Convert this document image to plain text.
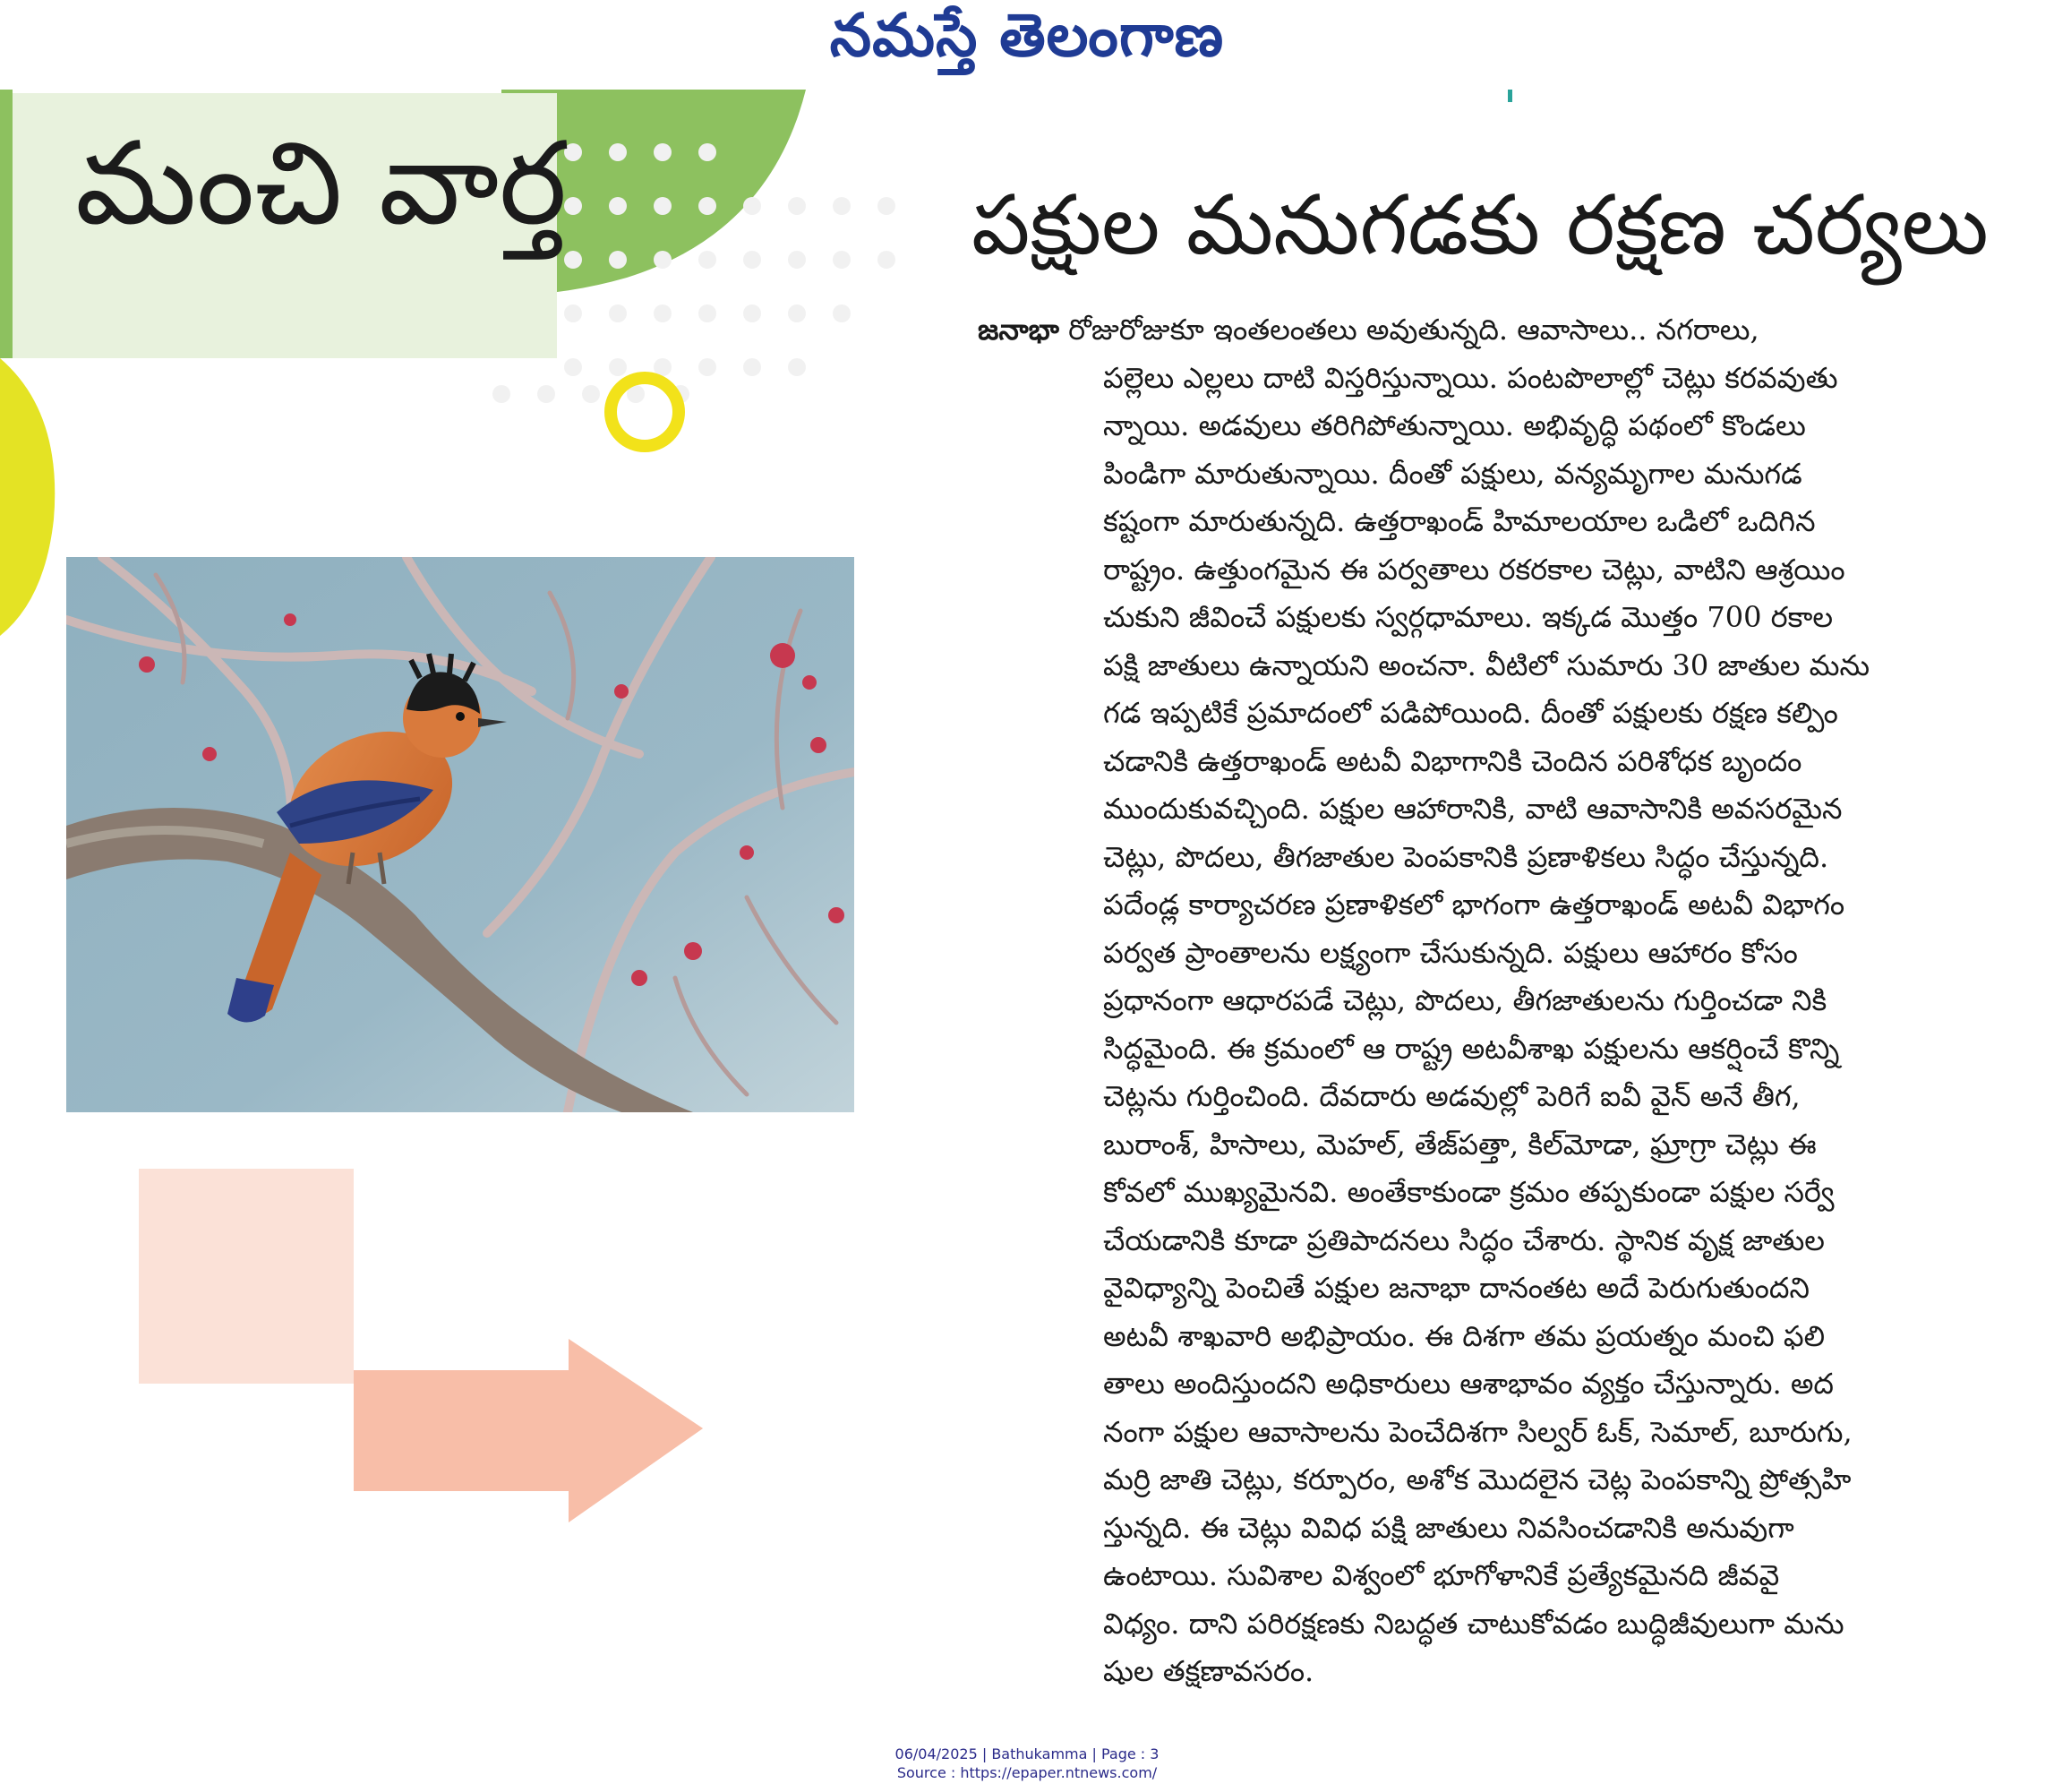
నమస్తే తెలంగాణ
మంచి వార్త	పక్షుల మనుగడకు రక్షణ చర్యలు
జనాభా రోజురోజుకూ ఇంతలంతలు అవుతున్నది. ఆవాసాలు.. నగరాలు,
పల్లెలు ఎల్లలు దాటి విస్తరిస్తున్నాయి. పంటపొలాల్లో చెట్లు కరవవుతు
న్నాయి. అడవులు తరిగిపోతున్నాయి. అభివృద్ధి పథంలో కొండలు
పిండిగా మారుతున్నాయి. దీంతో పక్షులు, వన్యమృగాల మనుగడ
కష్టంగా మారుతున్నది. ఉత్తరాఖండ్ హిమాలయాల ఒడిలో ఒదిగిన
రాష్ట్రం. ఉత్తుంగమైన ఈ పర్వతాలు రకరకాల చెట్లు, వాటిని ఆశ్రయిం
చుకుని జీవించే పక్షులకు స్వర్గధామాలు. ఇక్కడ మొత్తం 700 రకాల
పక్షి జాతులు ఉన్నాయని అంచనా. వీటిలో సుమారు 30 జాతుల మను
గడ ఇప్పటికే ప్రమాదంలో పడిపోయింది. దీంతో పక్షులకు రక్షణ కల్పిం
చడానికి ఉత్తరాఖండ్ అటవీ విభాగానికి చెందిన పరిశోధక బృందం
ముందుకువచ్చింది. పక్షుల ఆహారానికి, వాటి ఆవాసానికి అవసరమైన
చెట్లు, పొదలు, తీగజాతుల పెంపకానికి ప్రణాళికలు సిద్ధం చేస్తున్నది.
పదేండ్ల కార్యాచరణ ప్రణాళికలో భాగంగా ఉత్తరాఖండ్ అటవీ విభాగం
పర్వత ప్రాంతాలను లక్ష్యంగా చేసుకున్నది. పక్షులు ఆహారం కోసం
ప్రధానంగా ఆధారపడే చెట్లు, పొదలు, తీగజాతులను గుర్తించడా నికి
సిద్ధమైంది. ఈ క్రమంలో ఆ రాష్ట్ర అటవీశాఖ పక్షులను ఆకర్షించే కొన్ని
చెట్లను గుర్తించింది. దేవదారు అడవుల్లో పెరిగే ఐవీ వైన్ అనే తీగ,
బురాంశ్, హిసాలు, మెహల్, తేజ్‌పత్తా, కిల్‌మోడా, ఘ్రాగ్రా చెట్లు ఈ
కోవలో ముఖ్యమైనవి. అంతేకాకుండా క్రమం తప్పకుండా పక్షుల సర్వే
చేయడానికి కూడా ప్రతిపాదనలు సిద్ధం చేశారు. స్థానిక వృక్ష జాతుల
వైవిధ్యాన్ని పెంచితే పక్షుల జనాభా దానంతట అదే పెరుగుతుందని
అటవీ శాఖవారి అభిప్రాయం. ఈ దిశగా తమ ప్రయత్నం మంచి ఫలి
తాలు అందిస్తుందని అధికారులు ఆశాభావం వ్యక్తం చేస్తున్నారు. అద
నంగా పక్షుల ఆవాసాలను పెంచేదిశగా సిల్వర్ ఓక్, సెమాల్, బూరుగు,
మర్రి జాతి చెట్లు, కర్పూరం, అశోక మొదలైన చెట్ల పెంపకాన్ని ప్రోత్సహి
స్తున్నది. ఈ చెట్లు వివిధ పక్షి జాతులు నివసించడానికి అనువుగా
ఉంటాయి. సువిశాల విశ్వంలో భూగోళానికే ప్రత్యేకమైనది జీవవై
విధ్యం. దాని పరిరక్షణకు నిబద్ధత చాటుకోవడం బుద్ధిజీవులుగా మను
షుల తక్షణావసరం.
06/04/2025 | Bathukamma | Page : 3
Source : https://epaper.ntnews.com/
